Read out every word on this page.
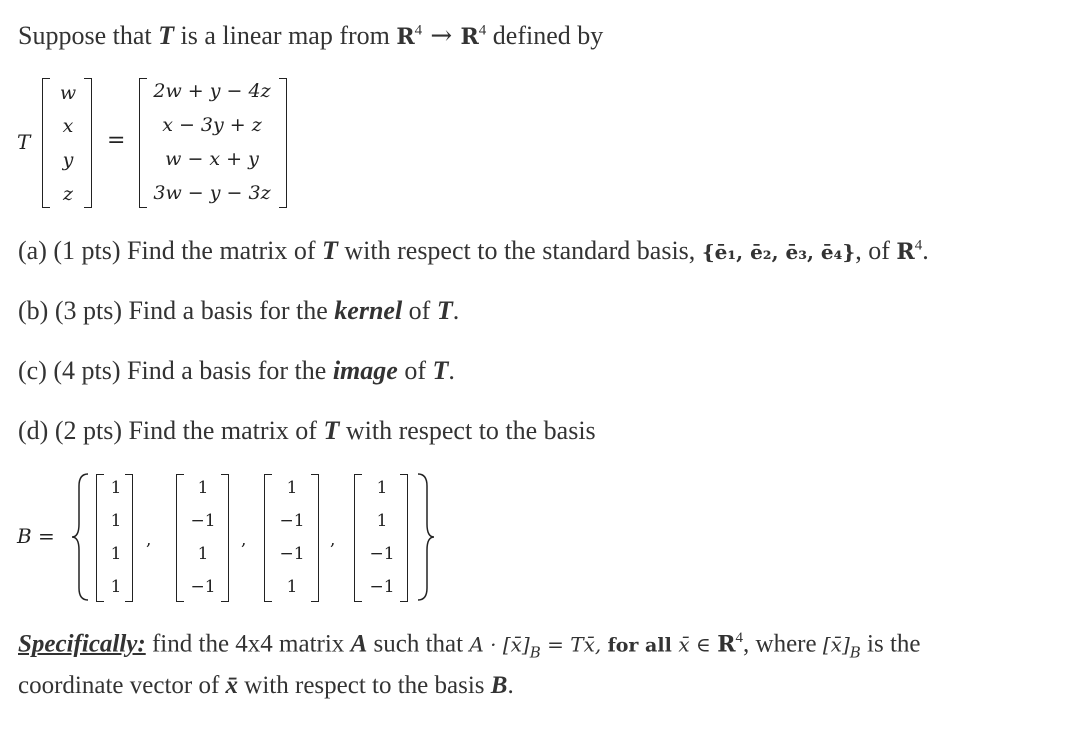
Suppose that T is a linear map from $R^4 \to R^4$ defined by
T
w
x
y
z
=
2w + y − 4z
x − 3y + z
w − x + y
3w − y − 3z
(a) (1 pts) Find the matrix of T with respect to the standard basis, {ē₁, ē₂, ē₃, ē₄}, of $R^4$.
(b) (3 pts) Find a basis for the kernel of T.
(c) (4 pts) Find a basis for the image of T.
(d) (2 pts) Find the matrix of T with respect to the basis
B =
1
1
1
1
,
1
−1
1
−1
,
1
−1
−1
1
,
1
1
−1
−1
Specifically: find the 4x4 matrix A such that $A \cdot [x̄]_B$ = Tx̄, for all x̄ ∈ $R^4$, where $[x̄]_B$ is the
coordinate vector of x̄ with respect to the basis B.
